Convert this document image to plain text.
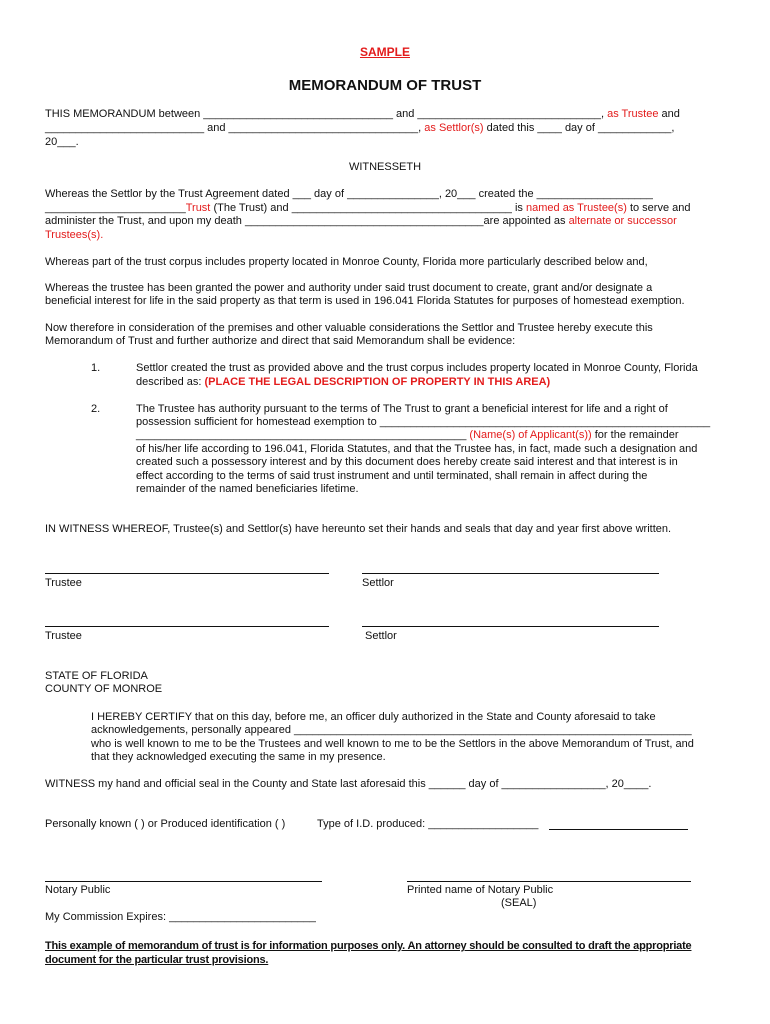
SAMPLE
MEMORANDUM OF TRUST
THIS MEMORANDUM between _______________________________ and ______________________________, as Trustee and
__________________________ and _______________________________, as Settlor(s) dated this ____ day of ____________,
20___.
WITNESSETH
Whereas the Settlor by the Trust Agreement dated ___ day of _______________, 20___ created the ___________________
_______________________Trust (The Trust) and ____________________________________ is named as Trustee(s) to serve and
administer the Trust, and upon my death _______________________________________are appointed as alternate or successor
Trustees(s).
Whereas part of the trust corpus includes property located in Monroe County, Florida more particularly described below and,
Whereas the trustee has been granted the power and authority under said trust document to create, grant and/or designate a
beneficial interest for life in the said property as that term is used in 196.041 Florida Statutes for purposes of homestead exemption.
Now therefore in consideration of the premises and other valuable considerations the Settlor and Trustee hereby execute this
Memorandum of Trust and further authorize and direct that said Memorandum shall be evidence:
1.	Settlor created the trust as provided above and the trust corpus includes property located in Monroe County, Florida
described as: (PLACE THE LEGAL DESCRIPTION OF PROPERTY IN THIS AREA)
2.	The Trustee has authority pursuant to the terms of The Trust to grant a beneficial interest for life and a right of
possession sufficient for homestead exemption to ______________________________________________________
______________________________________________________ (Name(s) of Applicant(s)) for the remainder
of his/her life according to 196.041, Florida Statutes, and that the Trustee has, in fact, made such a designation and
created such a possessory interest and by this document does hereby create said interest and that interest is in
effect according to the terms of said trust instrument and until terminated, shall remain in affect during the
remainder of the named beneficiaries lifetime.
IN WITNESS WHEREOF, Trustee(s) and Settlor(s) have hereunto set their hands and seals that day and year first above written.
Trustee	Settlor
Trustee	Settlor
STATE OF FLORIDA
COUNTY OF MONROE
I HEREBY CERTIFY that on this day, before me, an officer duly authorized in the State and County aforesaid to take
acknowledgements, personally appeared _________________________________________________________________
who is well known to me to be the Trustees and well known to me to be the Settlors in the above Memorandum of Trust, and
that they acknowledged executing the same in my presence.
WITNESS my hand and official seal in the County and State last aforesaid this ______ day of _________________, 20____.
Personally known ( ) or Produced identification ( )	Type of I.D. produced: __________________
Notary Public	Printed name of Notary Public
(SEAL)
My Commission Expires: ________________________
This example of memorandum of trust is for information purposes only. An attorney should be consulted to draft the appropriate
document for the particular trust provisions.
